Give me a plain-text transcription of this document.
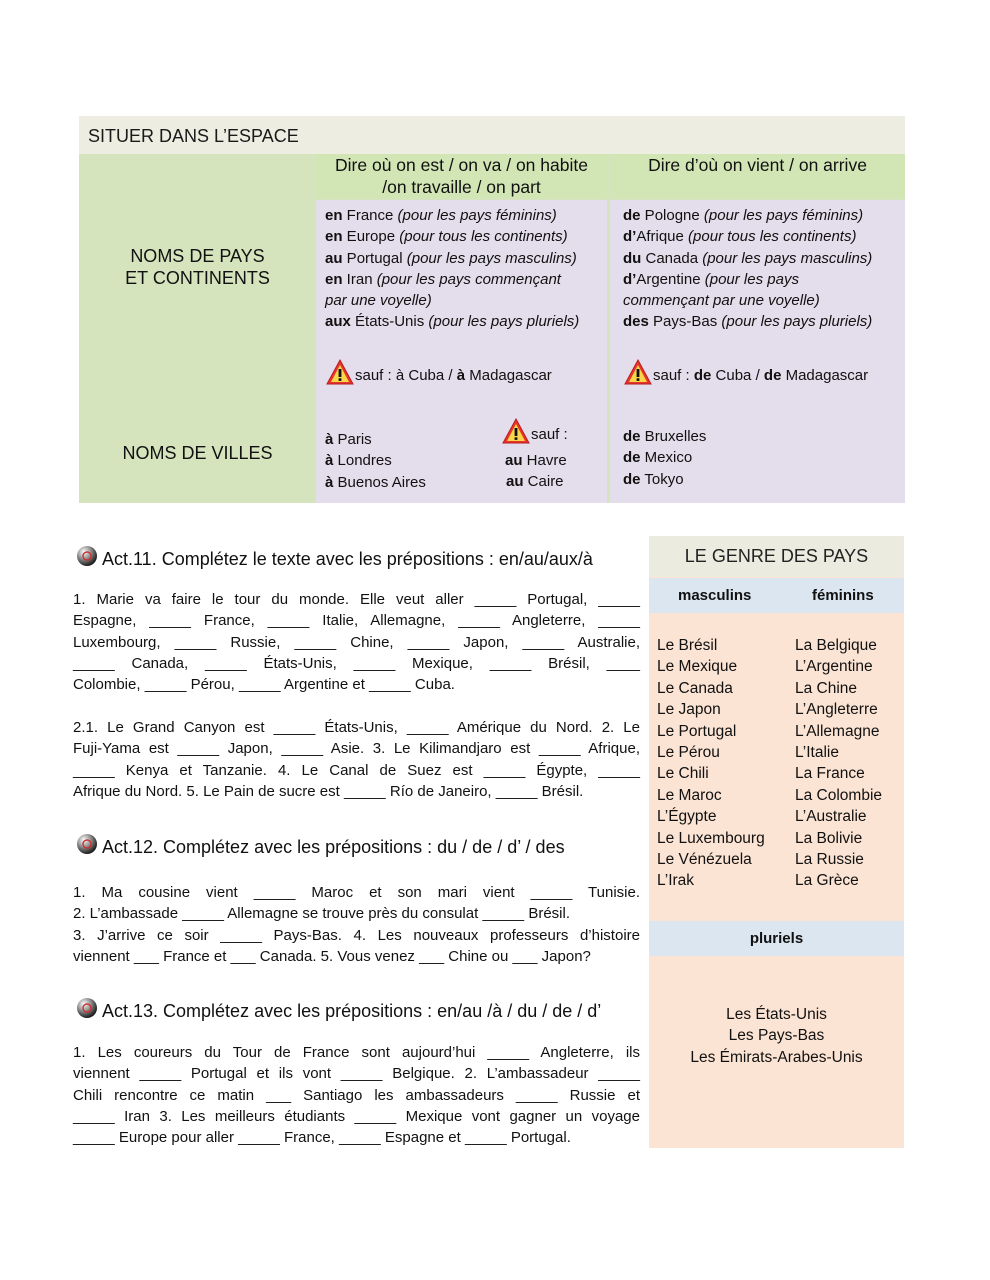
SITUER DANS L’ESPACE
Dire où on est / on va / on habite
/on travaille / on part
Dire d’où on vient / on arrive
NOMS DE PAYS
ET CONTINENTS
NOMS DE VILLES
en France (pour les pays féminins)
en Europe (pour tous les continents)
au Portugal (pour les pays masculins)
en Iran (pour les pays commençant
par une voyelle)
aux États-Unis (pour les pays pluriels)
sauf : à Cuba / à Madagascar
de Pologne (pour les pays féminins)
d’Afrique (pour tous les continents)
du Canada (pour les pays masculins)
d’Argentine (pour les pays
commençant par une voyelle)
des Pays-Bas (pour les pays pluriels)
sauf : de Cuba / de Madagascar
à Paris
à Londres
à Buenos Aires
sauf :
au Havre
au Caire
de Bruxelles
de Mexico
de Tokyo
Act.11. Complétez le texte avec les prépositions : en/au/aux/à
1. Marie va faire le tour du monde. Elle veut aller _____ Portugal, _____
Espagne, _____ France, _____ Italie, Allemagne, _____ Angleterre, _____
Luxembourg, _____ Russie, _____ Chine, _____ Japon, _____ Australie,
_____ Canada, _____ États-Unis, _____ Mexique, _____ Brésil, ____
Colombie, _____ Pérou, _____ Argentine et _____ Cuba.
2.1. Le Grand Canyon est _____ États-Unis, _____ Amérique du Nord. 2. Le
Fuji-Yama est _____ Japon, _____ Asie. 3. Le Kilimandjaro est _____ Afrique,
_____ Kenya et Tanzanie. 4. Le Canal de Suez est _____ Égypte, _____
Afrique du Nord. 5. Le Pain de sucre est _____ Río de Janeiro, _____ Brésil.
Act.12. Complétez avec les prépositions : du / de / d’ / des
1. Ma cousine vient _____ Maroc et son mari vient _____ Tunisie.
2. L’ambassade _____ Allemagne se trouve près du consulat _____ Brésil.
3. J’arrive ce soir _____ Pays-Bas. 4. Les nouveaux professeurs d’histoire
viennent ___ France et ___ Canada. 5. Vous venez ___ Chine ou ___ Japon?
Act.13. Complétez avec les prépositions : en/au /à / du / de / d’
1. Les coureurs du Tour de France sont aujourd’hui _____ Angleterre, ils
viennent _____ Portugal et ils vont _____ Belgique. 2. L’ambassadeur _____
Chili rencontre ce matin ___ Santiago les ambassadeurs _____ Russie et
_____ Iran 3. Les meilleurs étudiants _____ Mexique vont gagner un voyage
_____ Europe pour aller _____ France, _____ Espagne et _____ Portugal.
LE GENRE DES PAYS
masculins	féminins
Le Brésil
Le Mexique
Le Canada
Le Japon
Le Portugal
Le Pérou
Le Chili
Le Maroc
L’Égypte
Le Luxembourg
Le Vénézuela
L’Irak
La Belgique
L’Argentine
La Chine
L’Angleterre
L’Allemagne
L’Italie
La France
La Colombie
L’Australie
La Bolivie
La Russie
La Grèce
pluriels
Les États-Unis
Les Pays-Bas
Les Émirats-Arabes-Unis
